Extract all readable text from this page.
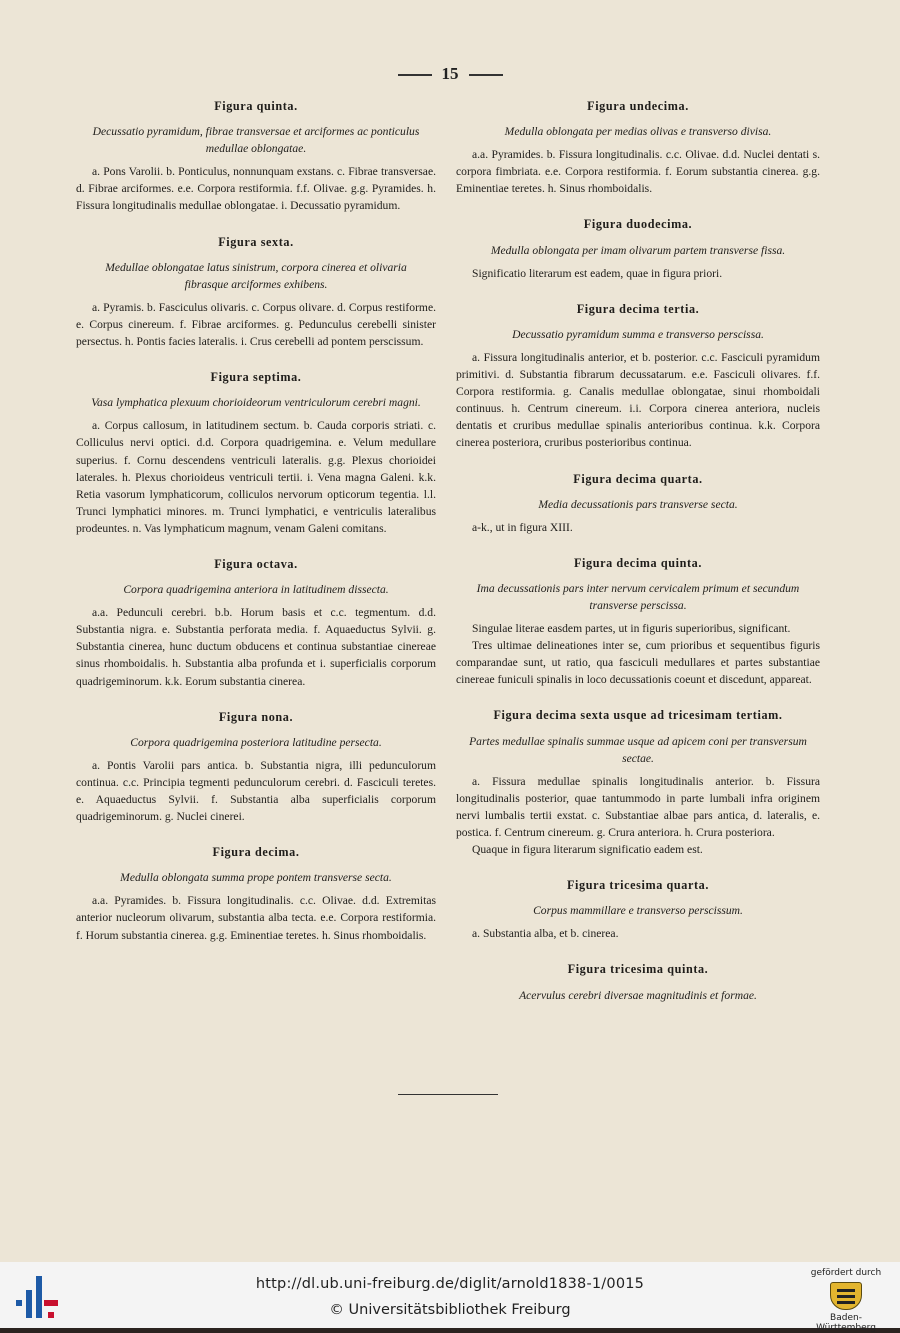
15
Figura quinta.
Decussatio pyramidum, fibrae transversae et arciformes ac ponticulus medullae oblongatae.

a. Pons Varolii. b. Ponticulus, nonnunquam exstans. c. Fibrae transversae. d. Fibrae arciformes. e.e. Corpora restiformia. f.f. Olivae. g.g. Pyramides. h. Fissura longitudinalis medullae oblongatae. i. Decussatio pyramidum.

Figura sexta.
Medullae oblongatae latus sinistrum, corpora cinerea et olivaria fibrasque arciformes exhibens.

a. Pyramis. b. Fasciculus olivaris. c. Corpus olivare. d. Corpus restiforme. e. Corpus cinereum. f. Fibrae arciformes. g. Pedunculus cerebelli sinister persectus. h. Pontis facies lateralis. i. Crus cerebelli ad pontem perscissum.

Figura septima.
Vasa lymphatica plexuum chorioideorum ventriculorum cerebri magni.

a. Corpus callosum, in latitudinem sectum. b. Cauda corporis striati. c. Colliculus nervi optici. d.d. Corpora quadrigemina. e. Velum medullare superius. f. Cornu descendens ventriculi lateralis. g.g. Plexus chorioidei laterales. h. Plexus chorioideus ventriculi tertii. i. Vena magna Galeni. k.k. Retia vasorum lymphaticorum, colliculos nervorum opticorum tegentia. l.l. Trunci lymphatici minores. m. Trunci lymphatici, e ventriculis lateralibus prodeuntes. n. Vas lymphaticum magnum, venam Galeni comitans.

Figura octava.
Corpora quadrigemina anteriora in latitudinem dissecta.

a.a. Pedunculi cerebri. b.b. Horum basis et c.c. tegmentum. d.d. Substantia nigra. e. Substantia perforata media. f. Aquaeductus Sylvii. g. Substantia cinerea, hunc ductum obducens et continua substantiae cinereae sinus rhomboidalis. h. Substantia alba profunda et i. superficialis corporum quadrigeminorum. k.k. Eorum substantia cinerea.

Figura nona.
Corpora quadrigemina posteriora latitudine persecta.

a. Pontis Varolii pars antica. b. Substantia nigra, illi pedunculorum continua. c.c. Principia tegmenti pedunculorum cerebri. d. Fasciculi teretes. e. Aquaeductus Sylvii. f. Substantia alba superficialis corporum quadrigeminorum. g. Nuclei cinerei.

Figura decima.
Medulla oblongata summa prope pontem transverse secta.

a.a. Pyramides. b. Fissura longitudinalis. c.c. Olivae. d.d. Extremitas anterior nucleorum olivarum, substantia alba tecta. e.e. Corpora restiformia. f. Horum substantia cinerea. g.g. Eminentiae teretes. h. Sinus rhomboidalis.

Figura undecima.
Medulla oblongata per medias olivas e transverso divisa.

a.a. Pyramides. b. Fissura longitudinalis. c.c. Olivae. d.d. Nuclei dentati s. corpora fimbriata. e.e. Corpora restiformia. f. Eorum substantia cinerea. g.g. Eminentiae teretes. h. Sinus rhomboidalis.

Figura duodecima.
Medulla oblongata per imam olivarum partem transverse fissa.

Significatio literarum est eadem, quae in figura priori.

Figura decima tertia.
Decussatio pyramidum summa e transverso perscissa.

a. Fissura longitudinalis anterior, et b. posterior. c.c. Fasciculi pyramidum primitivi. d. Substantia fibrarum decussatarum. e.e. Fasciculi olivares. f.f. Corpora restiformia. g. Canalis medullae oblongatae, sinui rhomboidali continuus. h. Centrum cinereum. i.i. Corpora cinerea anteriora, nucleis dentatis et cruribus medullae spinalis anterioribus continua. k.k. Corpora cinerea posteriora, cruribus posterioribus continua.

Figura decima quarta.
Media decussationis pars transverse secta.

a-k., ut in figura XIII.

Figura decima quinta.
Ima decussationis pars inter nervum cervicalem primum et secundum transverse perscissa.

Singulae literae easdem partes, ut in figuris superioribus, significant.

Tres ultimae delineationes inter se, cum prioribus et sequentibus figuris comparandae sunt, ut ratio, qua fasciculi medullares et partes substantiae cinereae funiculi spinalis in loco decussationis coeunt et discedunt, appareat.

Figura decima sexta usque ad tricesimam tertiam.
Partes medullae spinalis summae usque ad apicem coni per transversum sectae.

a. Fissura medullae spinalis longitudinalis anterior. b. Fissura longitudinalis posterior, quae tantummodo in parte lumbali infra originem nervi lumbalis tertii exstat. c. Substantiae albae pars antica, d. lateralis, e. postica. f. Centrum cinereum. g. Crura anteriora. h. Crura posteriora.

Quaque in figura literarum significatio eadem est.

Figura tricesima quarta.
Corpus mammillare e transverso perscissum.

a. Substantia alba, et b. cinerea.

Figura tricesima quinta.
Acervulus cerebri diversae magnitudinis et formae.
http://dl.ub.uni-freiburg.de/diglit/arnold1838-1/0015
© Universitätsbibliothek Freiburg
gefördert durch
Baden-Württemberg
